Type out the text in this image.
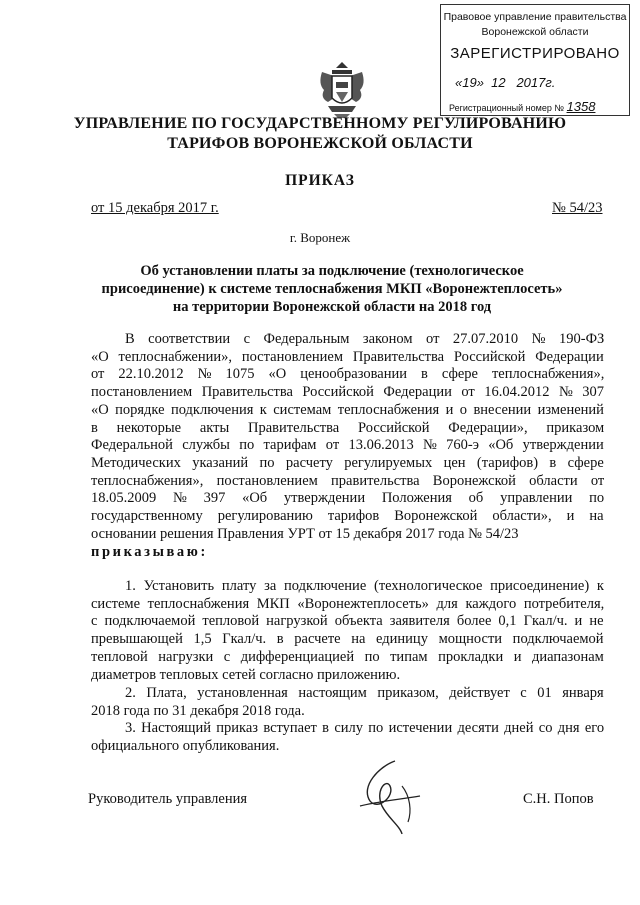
Правовое управление правительства
Воронежской области
ЗАРЕГИСТРИРОВАНО
«19»  12   2017г.
Регистрационный номер № 1358
УПРАВЛЕНИЕ ПО ГОСУДАРСТВЕННОМУ РЕГУЛИРОВАНИЮ
ТАРИФОВ ВОРОНЕЖСКОЙ ОБЛАСТИ
ПРИКАЗ
от 15 декабря 2017 г.	№ 54/23
г. Воронеж
Об установлении платы за подключение (технологическое
присоединение) к системе теплоснабжения МКП «Воронежтеплосеть»
на территории Воронежской области на 2018 год
В соответствии с Федеральным законом от 27.07.2010 № 190-ФЗ
«О теплоснабжении», постановлением Правительства Российской Федерации
от 22.10.2012 № 1075 «О ценообразовании в сфере теплоснабжения»,
постановлением Правительства Российской Федерации от 16.04.2012 № 307
«О порядке подключения к системам теплоснабжения и о внесении изменений
в некоторые акты Правительства Российской Федерации», приказом
Федеральной службы по тарифам от 13.06.2013 № 760-э «Об утверждении
Методических указаний по расчету регулируемых цен (тарифов) в сфере
теплоснабжения», постановлением правительства Воронежской области от
18.05.2009 № 397 «Об утверждении Положения об управлении по
государственному регулированию тарифов Воронежской области», и на
основании решения Правления УРТ от 15 декабря 2017 года № 54/23
приказываю:
1. Установить плату за подключение (технологическое присоединение) к
системе теплоснабжения МКП «Воронежтеплосеть» для каждого потребителя,
с подключаемой тепловой нагрузкой объекта заявителя более 0,1 Гкал/ч. и не
превышающей 1,5 Гкал/ч. в расчете на единицу мощности подключаемой
тепловой нагрузки с дифференциацией по типам прокладки и диапазонам
диаметров тепловых сетей согласно приложению.
2. Плата, установленная настоящим приказом, действует с 01 января
2018 года по 31 декабря 2018 года.
3. Настоящий приказ вступает в силу по истечении десяти дней со дня его
официального опубликования.
Руководитель управления	С.Н. Попов
